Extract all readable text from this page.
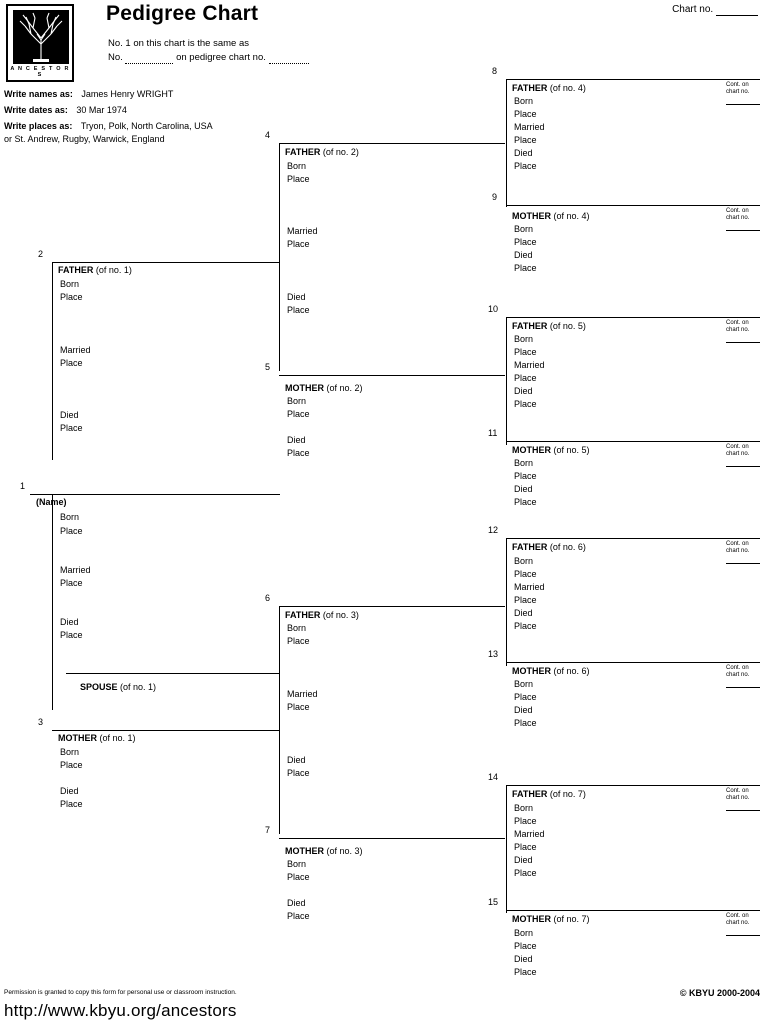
A N C E S T O R S
Pedigree Chart
No. 1 on this chart is the same as
No.	on pedigree chart no.
Chart no.
Write names as: James Henry WRIGHT
Write dates as: 30 Mar 1974
Write places as: Tryon, Polk, North Carolina, USA
or St. Andrew, Rugby, Warwick, England
1
(Name)
Born
Place
Married
Place
Died
Place
SPOUSE (of no. 1)
2
FATHER (of no. 1)
Born
Place
Married
Place
Died
Place
3
MOTHER (of no. 1)
Born
Place
Died
Place
4
FATHER (of no. 2)
Born
Place
Married
Place
Died
Place
5
MOTHER (of no. 2)
Born
Place
Died
Place
6
FATHER (of no. 3)
Born
Place
Married
Place
Died
Place
7
MOTHER (of no. 3)
Born
Place
Died
Place
8
FATHER (of no. 4)
Born
Place
Married
Place
Died
Place
Cont. on
chart no.
9
MOTHER (of no. 4)
Born
Place
Died
Place
Cont. on
chart no.
10
FATHER (of no. 5)
Born
Place
Married
Place
Died
Place
Cont. on
chart no.
11
MOTHER (of no. 5)
Born
Place
Died
Place
Cont. on
chart no.
12
FATHER (of no. 6)
Born
Place
Married
Place
Died
Place
Cont. on
chart no.
13
MOTHER (of no. 6)
Born
Place
Died
Place
Cont. on
chart no.
14
FATHER (of no. 7)
Born
Place
Married
Place
Died
Place
Cont. on
chart no.
15
MOTHER (of no. 7)
Born
Place
Died
Place
Cont. on
chart no.
Permission is granted to copy this form for personal use or classroom instruction.	© KBYU 2000-2004
http://www.kbyu.org/ancestors
